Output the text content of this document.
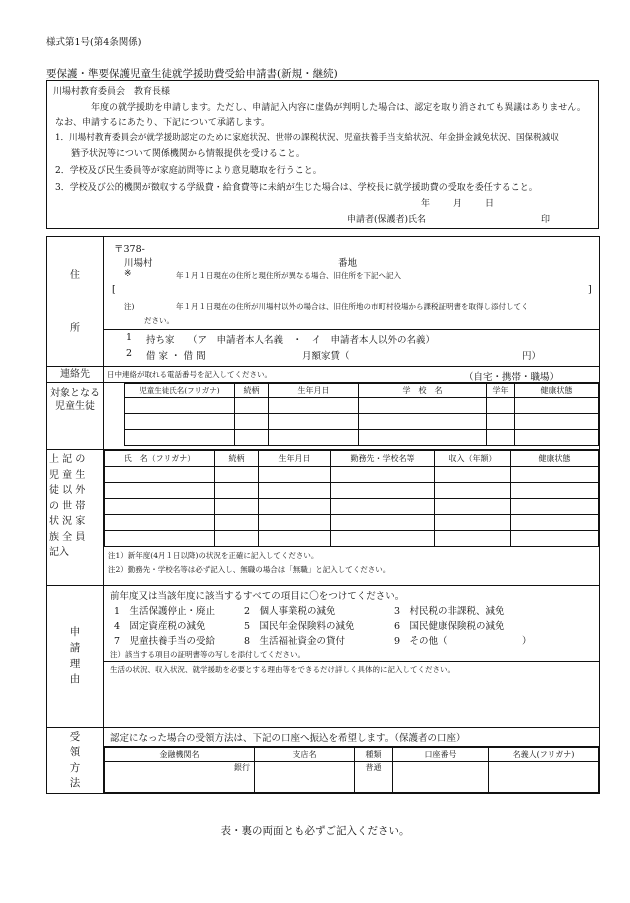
様式第1号(第4条関係)
要保護・準要保護児童生徒就学援助費受給申請書(新規・継続)
川場村教育委員会　教育長様
年度の就学援助を申請します。ただし、申請記入内容に虚偽が判明した場合は、認定を取り消されても異議はありません。
なお、申請するにあたり、下記について承諾します。
1．川場村教育委員会が就学援助認定のために家庭状況、世帯の課税状況、児童扶養手当支給状況、年金掛金減免状況、国保税減収
猶予状況等について関係機関から情報提供を受けること。
2．学校及び民生委員等が家庭訪問等により意見聴取を行うこと。
3．学校及び公的機関が徴収する学級費・給食費等に未納が生じた場合は、学校長に就学援助費の受取を委任すること。
年	月	日
申請者(保護者)氏名	印
住
所

〒378-
川場村	番地
※	年１月１日現在の住所と現住所が異なる場合、旧住所を下記へ記入
[	]
注)	年１月１日現在の住所が川場村以外の場合は、旧住所地の市町村役場から課税証明書を取得し添付してく
ださい。
1 持ち家 （ア　申請者本人名義　・　イ　申請者本人以外の名義）
2 借 家 ・ 借 間	月額家賃（	円）

連絡先	日中連絡が取れる電話番号を記入してください。	（自宅・携帯・職場）

対象となる
児童生徒

児童生徒氏名(フリガナ)	続柄	生年月日	学　校　名	学年	健康状態

上 記 の
児 童 生
徒 以 外
の 世 帯
状 況 家
族 全 員
記入

氏　名（フリガナ）	続柄	生年月日	勤務先・学校名等	収入（年額）	健康状態

注1）新年度(4月１日以降)の状況を正確に記入してください。
注2）勤務先・学校名等は必ず記入し、無職の場合は「無職」と記入してください。

申
請
理
由

前年度又は当該年度に該当するすべての項目に〇をつけてください。
1　生活保護停止・廃止	2　個人事業税の減免	3　村民税の非課税、減免
4　固定資産税の減免	5　国民年金保険料の減免	6　国民健康保険税の減免
7　児童扶養手当の受給	8　生活福祉資金の貸付	9　その他（	）
注）該当する項目の証明書等の写しを添付してください。
生活の状況、収入状況、就学援助を必要とする理由等をできるだけ詳しく具体的に記入してください。

受
領
方
法

認定になった場合の受領方法は、下記の口座へ振込を希望します。（保護者の口座）
金融機関名	支店名	種類	口座番号	名義人(フリガナ)
銀行		普通		
表・裏の両面とも必ずご記入ください。
